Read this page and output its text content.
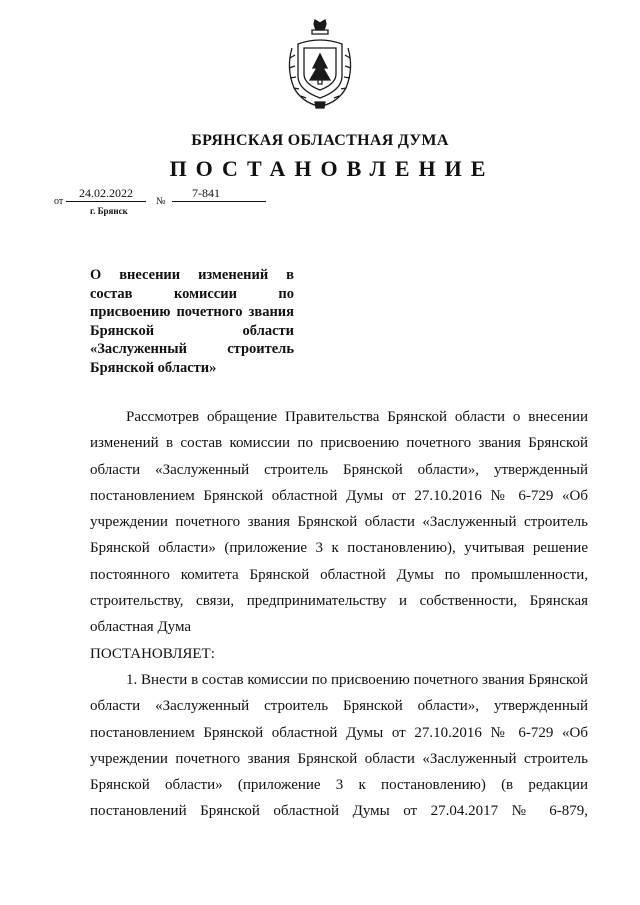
БРЯНСКАЯ ОБЛАСТНАЯ ДУМА
ПОСТАНОВЛЕНИЕ
от
24.02.2022
№
7-841
г. Брянск
О внесении изменений в состав комиссии по присвоению почетного звания Брянской области «Заслуженный строитель Брянской области»

Рассмотрев обращение Правительства Брянской области о внесении изменений в состав комиссии по присвоению почетного звания Брянской области «Заслуженный строитель Брянской области», утвержденный постановлением Брянской областной Думы от 27.10.2016 № 6-729 «Об учреждении почетного звания Брянской области «Заслуженный строитель Брянской области» (приложение 3 к постановлению), учитывая решение постоянного комитета Брянской областной Думы по промышленности, строительству, связи, предпринимательству и собственности, Брянская областная Дума

ПОСТАНОВЛЯЕТ:

1. Внести в состав комиссии по присвоению почетного звания Брянской области «Заслуженный строитель Брянской области», утвержденный постановлением Брянской областной Думы от 27.10.2016 № 6-729 «Об учреждении почетного звания Брянской области «Заслуженный строитель Брянской области» (приложение 3 к постановлению) (в редакции постановлений Брянской областной Думы от 27.04.2017 № 6-879,
